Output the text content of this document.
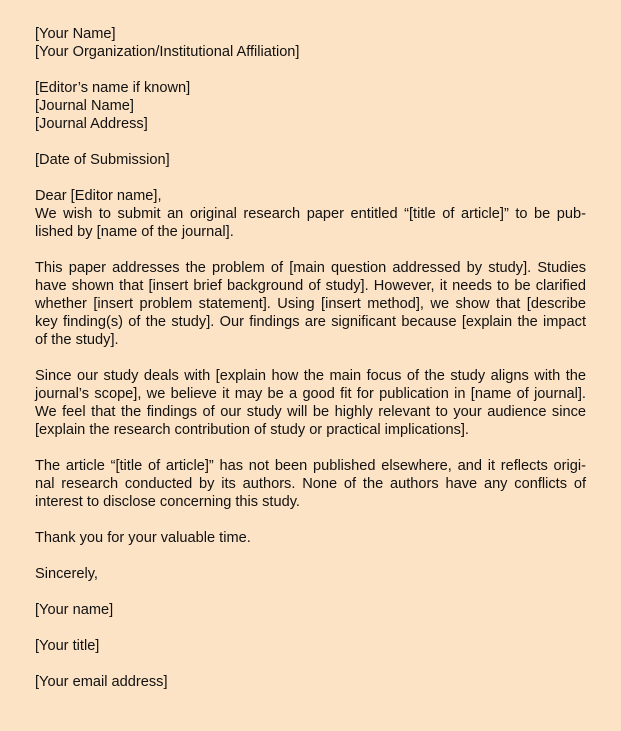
[Your Name]
[Your Organization/Institutional Affiliation]
[Editor’s name if known]
[Journal Name]
[Journal Address]
[Date of Submission]
Dear [Editor name],
We wish to submit an original research paper entitled “[title of article]” to be pub-
lished by [name of the journal].
This paper addresses the problem of [main question addressed by study]. Studies
have shown that [insert brief background of study]. However, it needs to be clarified
whether [insert problem statement]. Using [insert method], we show that [describe
key finding(s) of the study]. Our findings are significant because [explain the impact
of the study].
Since our study deals with [explain how the main focus of the study aligns with the
journal’s scope], we believe it may be a good fit for publication in [name of journal].
We feel that the findings of our study will be highly relevant to your audience since
[explain the research contribution of study or practical implications].
The article “[title of article]” has not been published elsewhere, and it reflects origi-
nal research conducted by its authors. None of the authors have any conflicts of
interest to disclose concerning this study.
Thank you for your valuable time.
Sincerely,
[Your name]
[Your title]
[Your email address]
